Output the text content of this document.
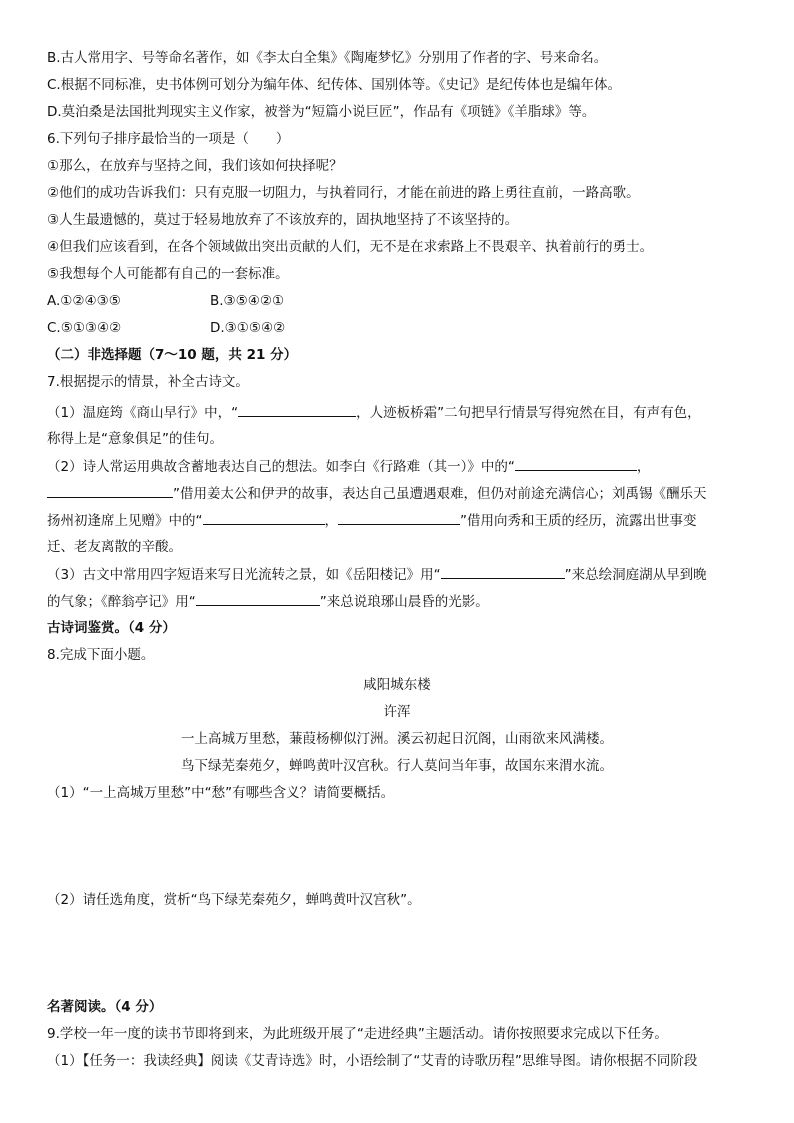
B.古人常用字、号等命名著作，如《李太白全集》《陶庵梦忆》分别用了作者的字、号来命名。
C.根据不同标准，史书体例可划分为编年体、纪传体、国别体等。《史记》是纪传体也是编年体。
D.莫泊桑是法国批判现实主义作家，被誉为“短篇小说巨匠”，作品有《项链》《羊脂球》等。
6.下列句子排序最恰当的一项是（　　）
①那么，在放弃与坚持之间，我们该如何抉择呢？
②他们的成功告诉我们：只有克服一切阻力，与执着同行，才能在前进的路上勇往直前，一路高歌。
③人生最遗憾的，莫过于轻易地放弃了不该放弃的，固执地坚持了不该坚持的。
④但我们应该看到，在各个领域做出突出贡献的人们，无不是在求索路上不畏艰辛、执着前行的勇士。
⑤我想每个人可能都有自己的一套标准。
A.①②④③⑤	B.③⑤④②①
C.⑤①③④②	D.③①⑤④②
（二）非选择题（7～10 题，共 21 分）
7.根据提示的情景，补全古诗文。
（1）温庭筠《商山早行》中，“	，人迹板桥霜”二句把早行情景写得宛然在目，有声有色，
称得上是“意象俱足”的佳句。
（2）诗人常运用典故含蓄地表达自己的想法。如李白《行路难（其一）》中的“	，
”借用姜太公和伊尹的故事，表达自己虽遭遇艰难，但仍对前途充满信心；刘禹锡《酬乐天
扬州初逢席上见赠》中的“	，	”借用向秀和王质的经历，流露出世事变
迁、老友离散的辛酸。
（3）古文中常用四字短语来写日光流转之景，如《岳阳楼记》用“	”来总绘洞庭湖从早到晚
的气象；《醉翁亭记》用“	”来总说琅琊山晨昏的光影。
古诗词鉴赏。（4 分）
8.完成下面小题。
咸阳城东楼
许浑
一上高城万里愁，蒹葭杨柳似汀洲。溪云初起日沉阁，山雨欲来风满楼。
鸟下绿芜秦苑夕，蝉鸣黄叶汉宫秋。行人莫问当年事，故国东来渭水流。
（1）“一上高城万里愁”中“愁”有哪些含义？请简要概括。
（2）请任选角度，赏析“鸟下绿芜秦苑夕，蝉鸣黄叶汉宫秋”。
名著阅读。（4 分）
9.学校一年一度的读书节即将到来，为此班级开展了“走进经典”主题活动。请你按照要求完成以下任务。
（1）【任务一：我读经典】阅读《艾青诗选》时，小语绘制了“艾青的诗歌历程”思维导图。请你根据不同阶段
